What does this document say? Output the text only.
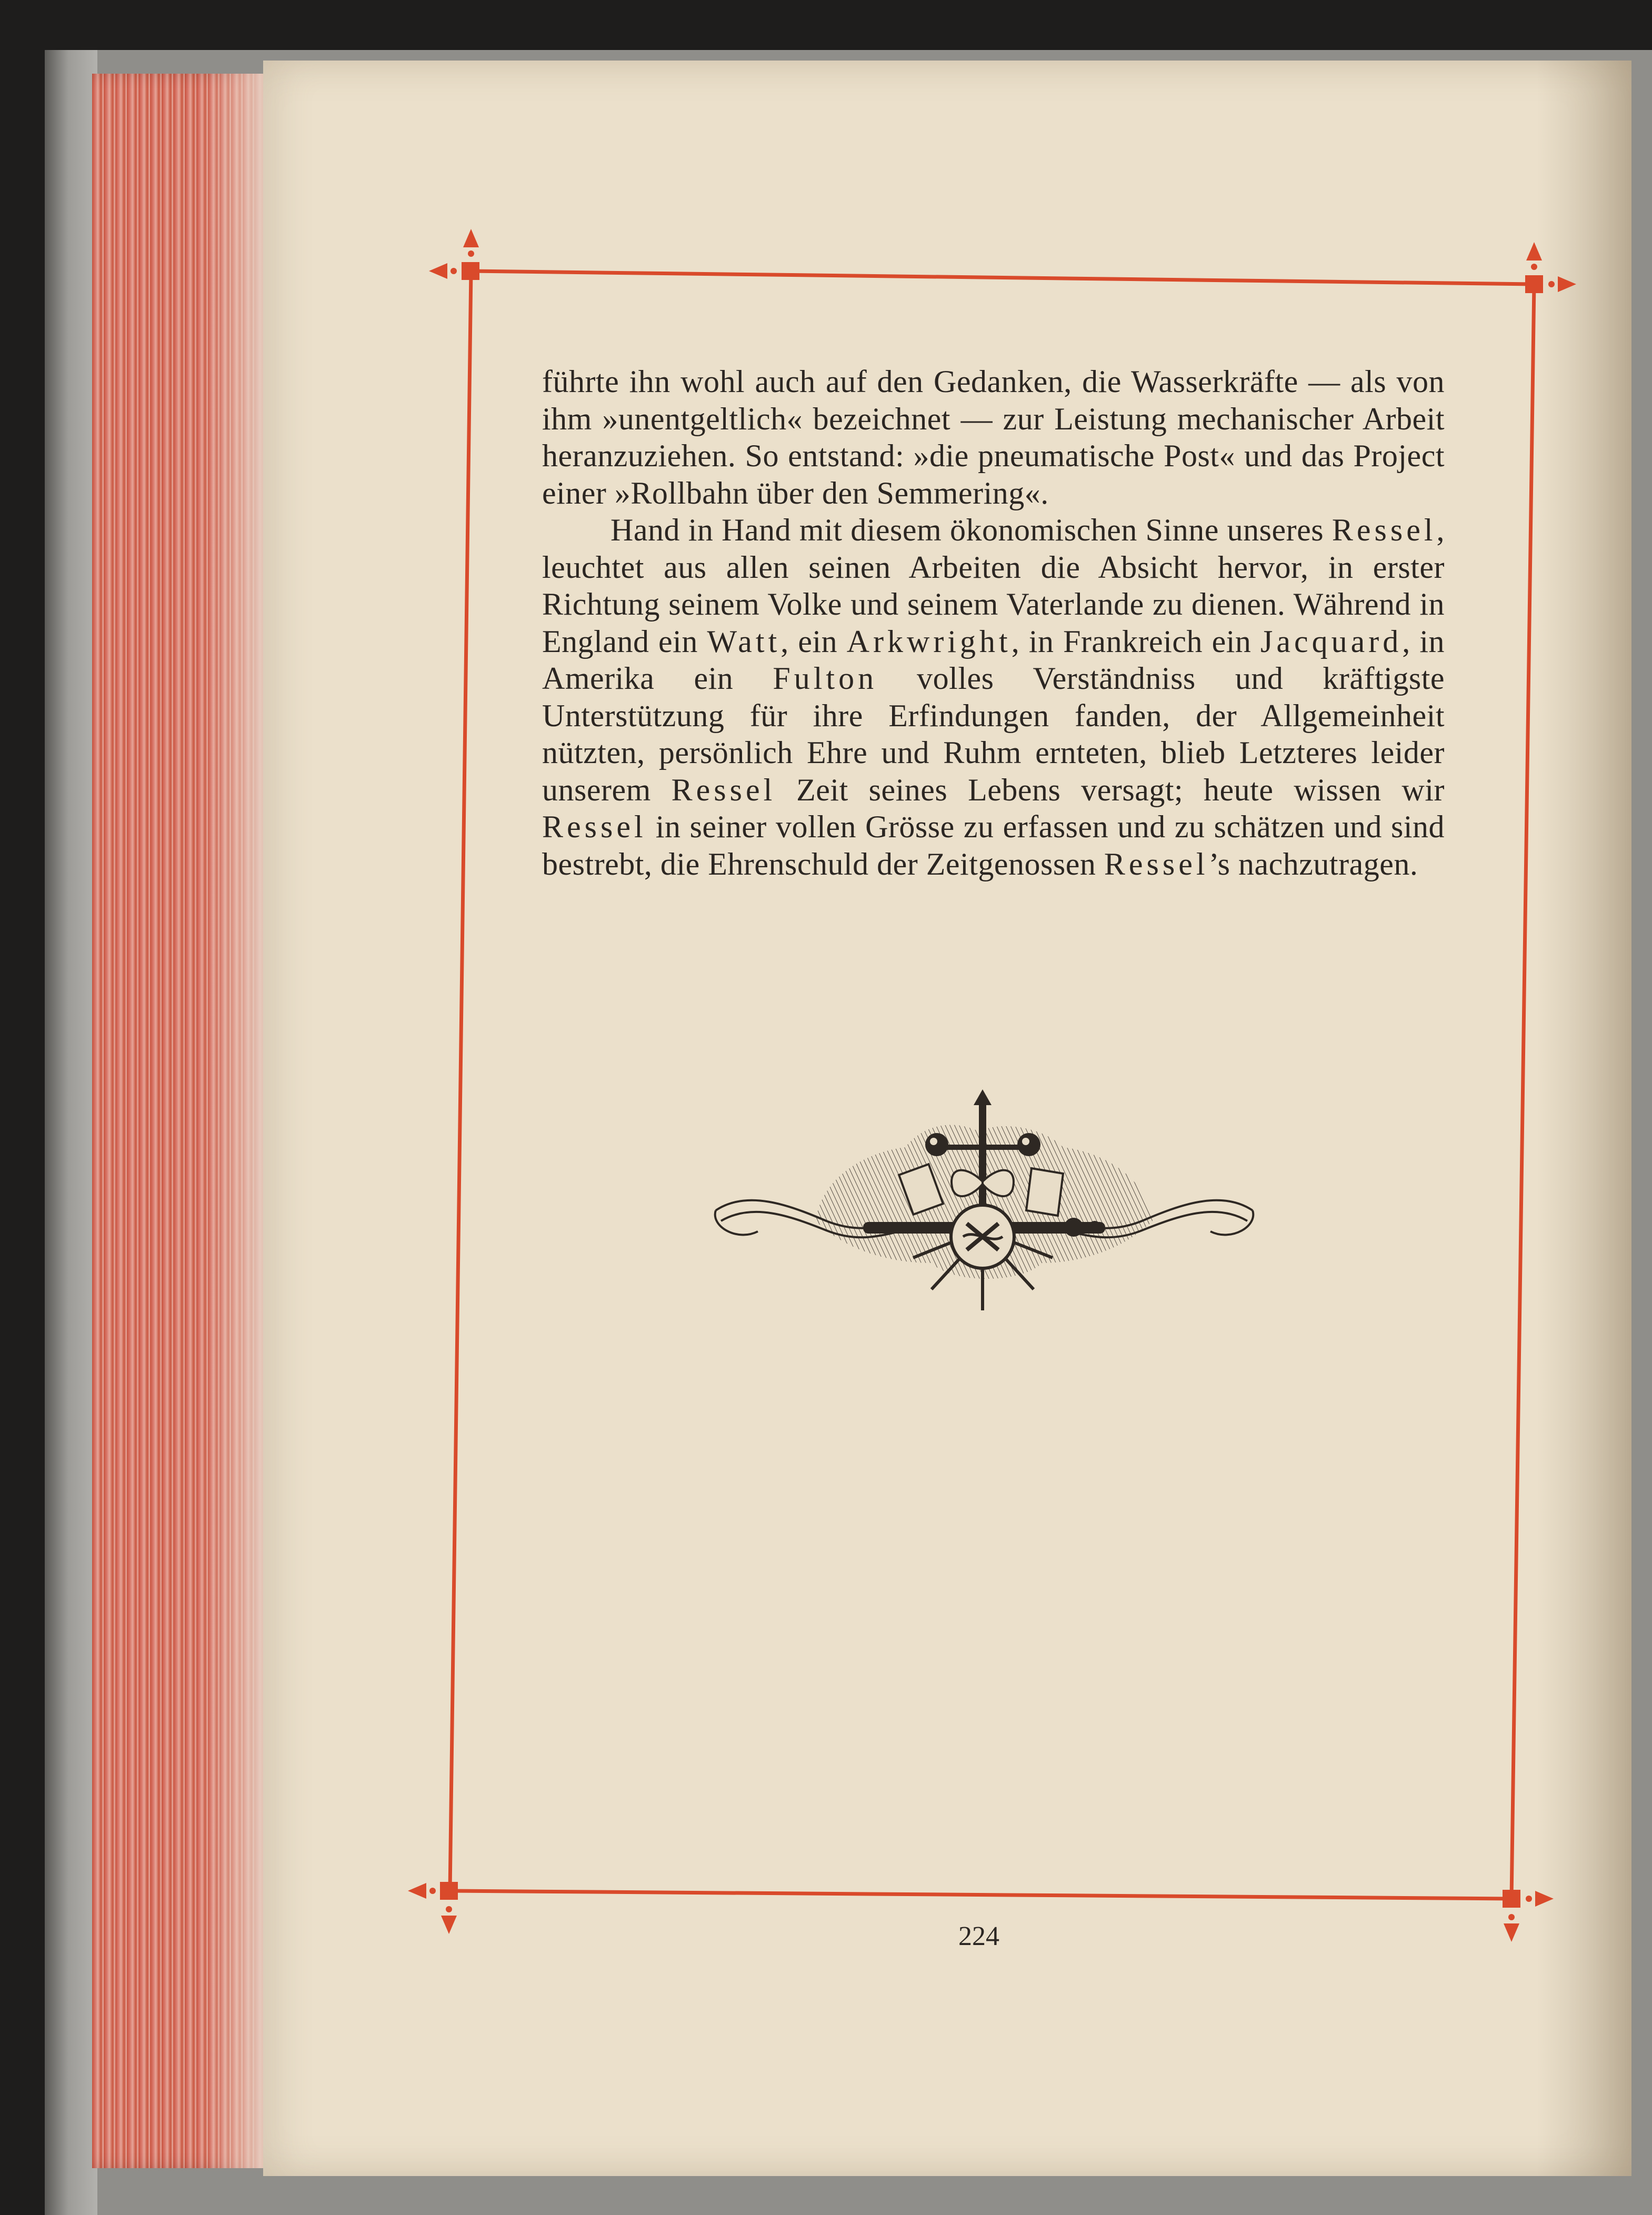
führte ihn wohl auch auf den Gedanken, die Wasserkräfte — als von ihm »unentgeltlich« bezeichnet — zur Leistung mechanischer Arbeit heranzuziehen. So entstand: »die pneumatische Post« und das Project einer »Rollbahn über den Semmering«.

Hand in Hand mit diesem ökonomischen Sinne unseres Ressel, leuchtet aus allen seinen Arbeiten die Absicht hervor, in erster Richtung seinem Volke und seinem Vaterlande zu dienen. Während in England ein Watt, ein Arkwright, in Frankreich ein Jacquard, in Amerika ein Fulton volles Verständniss und kräftigste Unterstützung für ihre Erfindungen fanden, der Allgemeinheit nützten, persönlich Ehre und Ruhm ernteten, blieb Letzteres leider unserem Ressel Zeit seines Lebens versagt; heute wissen wir Ressel in seiner vollen Grösse zu erfassen und zu schätzen und sind bestrebt, die Ehrenschuld der Zeitgenossen Ressel’s nachzutragen.

224
